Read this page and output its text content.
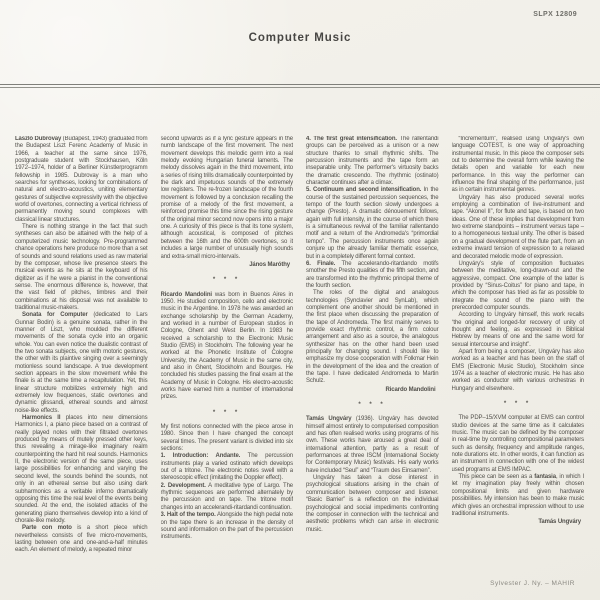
SLPX 12809
Computer Music

László Dubrovay (Budapest, 1943) graduated from the Budapest Liszt Ferenc Academy of Music in 1966, a teacher at the same since 1976, postgraduate student with Stockhausen, Köln 1972–1974, holder of a Berliner Künstlerprogramm fellowship in 1985. Dubrovay is a man who searches for syntheses, looking for combinations of natural and electro-acoustics, uniting elementary gestures of subjective expressivity with the objective world of overtones, connecting a vertical richness of permanently moving sound complexes with classical linear structures.

There is nothing strange in the fact that such syntheses can also be attained with the help of a computerized music technology. Pre-programmed chance operations here produce no more than a set of sounds and sound relations used as raw material by the composer, whose live presence steers the musical events as he sits at the keyboard of his digitizer as if he were a pianist in the conventional sense. The enormous difference is, however, that the vast field of pitches, timbres and their combinations at his disposal was not available to traditional music-makers.

Sonata for Computer (dedicated to Lars Gunnar Bodin) is a genuine sonata, rather in the manner of Liszt, who moulded the different movements of the sonata cycle into an organic whole. You can even notice the dualistic contrast of the two sonata subjects, one with motoric gestures, the other with its plaintive singing over a seemingly motionless sound landscape. A true development section appears in the slow movement while the finale is at the same time a recapitulation. Yet, this linear structure mobilizes extremely high and extremely low frequences, static overtones and dynamic glissandi, ethereal sounds and almost noise-like effects.

Harmonics II places into new dimensions Harmonics I, a piano piece based on a contrast of really played notes with their filtrated overtones produced by means of mutely pressed other keys, thus revealing a mirage-like imaginary realm counterpointing the hard hit real sounds. Harmonics II, the electronic version of the same piece, uses large possibilities for enhancing and varying the second level, the sounds behind the sounds, not only in an ethereal sense but also using dark subharmonics as a veritable inferno dramatically opposing this time the real level of the events being sounded. At the end, the isolated attacks of the generating piano themselves develop into a kind of chorale-like melody.

Parte con moto is a short piece which nevertheless consists of five micro-movements, lasting between one and one-and-a-half minutes each. An element of melody, a repeated minor

second upwards as if a lyric gesture appears in the numb landscape of the first movement. The next movement develops this melodic germ into a real melody evoking Hungarian funeral laments. The melody dissolves again in the third movement, into a series of rising trills dramatically counterpointed by the dark and impetuous sounds of the extremely low registers. The re-frozen landscape of the fourth movement is followed by a conclusion recalling the promise of a melody of the first movement, a reinforced promise this time since the rising gesture of the original minor second now opens into a major one. A curiosity of this piece is that its tone system, although acoustical, is composed of pitches between the 16th and the 600th overtones, so it includes a large number of unusually high sounds and extra-small micro-intervals.

János Maróthy

* * *

Ricardo Mandolini was born in Buenos Aires in 1950. He studied composition, cello and electronic music in the Argentine. In 1978 he was awarded an exchange scholarship by the German Academy, and worked in a number of European studios in Cologne, Ghent and West Berlin. In 1983 he received a scholarship to the Electronic Music Studio (EMS) in Stockholm. The following year he worked at the Phonetic Institute of Cologne University, the Academy of Music in the same city, and also in Ghent, Stockholm and Bourges. He concluded his studies passing the final exam at the Academy of Music in Cologne. His electro-acoustic works have earned him a number of international prizes.

* * *

My first notions connected with the piece arose in 1980. Since then I have changed the concept several times. The present variant is divided into six sections:

1. Introduction: Andante. The percussion instruments play a varied ostinato which develops out of a tritone. The electronic notes swell with a stereoscopic effect (imitating the Doppler effect).

2. Development. A meditative type of Largo. The rhythmic sequences are performed alternately by the percussion and on tape. The tritone motif changes into an accelerandi-ritardandi continuation.

3. Halt of the tempo. Alongside the high pedal note on the tape there is an increase in the density of sound and information on the part of the percussion instruments.

4. The first great intensification. The rallentandi groups can be perceived as a unison or a new structure thanks to small rhythmic shifts. The percussion instruments and the tape form an inseparable unity. The performer's virtuosity backs the dramatic crescendo. The rhythmic (ostinato) character continues after a climax.

5. Continuum and second intensification. In the course of the sustained percussion sequences, the tempo of the fourth section slowly undergoes a change (Presto). A dramatic dénouement follows, again with full intensity, in the course of which there is a simultaneous revival of the familiar rallentando motif and a return of the Andromeda's “primordial tempo”. The percussion instruments once again conjure up the already familiar thematic essence, but in a completely different formal context.

6. Finale. The accelerando-ritardando motifs smother the Presto qualities of the fifth section, and are transformed into the rhythmic principal theme of the fourth section.

The roles of the digital and analogous technologies (Synclavier and SynLab), which complement one another should be mentioned in the first place when discussing the preparation of the tape of Andromeda. The first mainly serves to provide exact rhythmic control, a firm colour arrangement and also as a source, the analogous synthesizer has on the other hand been used principally for changing sound. I should like to emphasize my close cooperation with Folkmar Hein in the development of the idea and the creation of the tape. I have dedicated Andromeda to Martin Schulz.

Ricardo Mandolini

* * *

Tamás Ungváry (1936). Ungváry has devoted himself almost entirely to computerised composition and has often realised works using programs of his own. These works have aroused a great deal of international attention, partly as a result of performances at three ISCM (International Society for Contemporary Music) festivals. His early works have included “Seul” and “Traum des Einsamen”.

Ungváry has taken a close interest in psychological situations arising in the chain of communication between composer and listener. “Basic Barrier” is a reflection on the individual psychological and social impediments confronting the composer in connection with the technical and aesthetic problems which can arise in electronic music.

“Incrementum”, realised using Ungváry's own language COTEST, is one way of approaching instrumental music. In this piece the composer sets out to determine the overall form while leaving the details open and variable for each new performance. In this way the performer can influence the final shaping of the performance, just as in certain instrumental genres.

Ungváry has also produced several works employing a combination of live-instrument and tape. “Akonel II”, for flute and tape, is based on two ideas. One of these implies that development from two extreme standpoints – instrument versus tape – to a homogeneous textual unity. The other is based on a gradual development of the flute part, from an extreme inward tension of expression to a relaxed and decorated melodic mode of expression.

Ungváry's style of composition fluctuates between the meditative, long-drawn-out and the aggressive, compact. One example of the latter is provided by “Sinus-Coitus” for piano and tape, in which the composer has tried as far as possible to integrate the sound of the piano with the prerecorded computer sounds.

According to Ungváry himself, this work recalls “the original and longed-for recovery of unity of thought and feeling, as expressed in Biblical Hebrew by means of one and the same word for sexual intercourse and insight”.

Apart from being a composer, Ungváry has also worked as a teacher and has been on the staff of EMS (Electronic Music Studio), Stockholm since 1974 as a teacher of electronic music. He has also worked as conductor with various orchestras in Hungary and elsewhere.

* * *

The PDP–15/XVM computer at EMS can control studio devices at the same time as it calculates music. The music can be defined by the composer in real-time by controlling compositional parameters such as density, frequency and amplitude ranges, note durations etc. In other words, it can function as an instrument in connection with one of the widest used programs at EMS IMPAC.

This piece can be seen as a fantasia, in which I let my imagination play freely within chosen compositional limits and given hardware possibilities. My intension has been to make music which gives an orchestral impression without to use traditional instruments.

Tamás Ungváry

Sylvester J. Ny. – MAHIR
